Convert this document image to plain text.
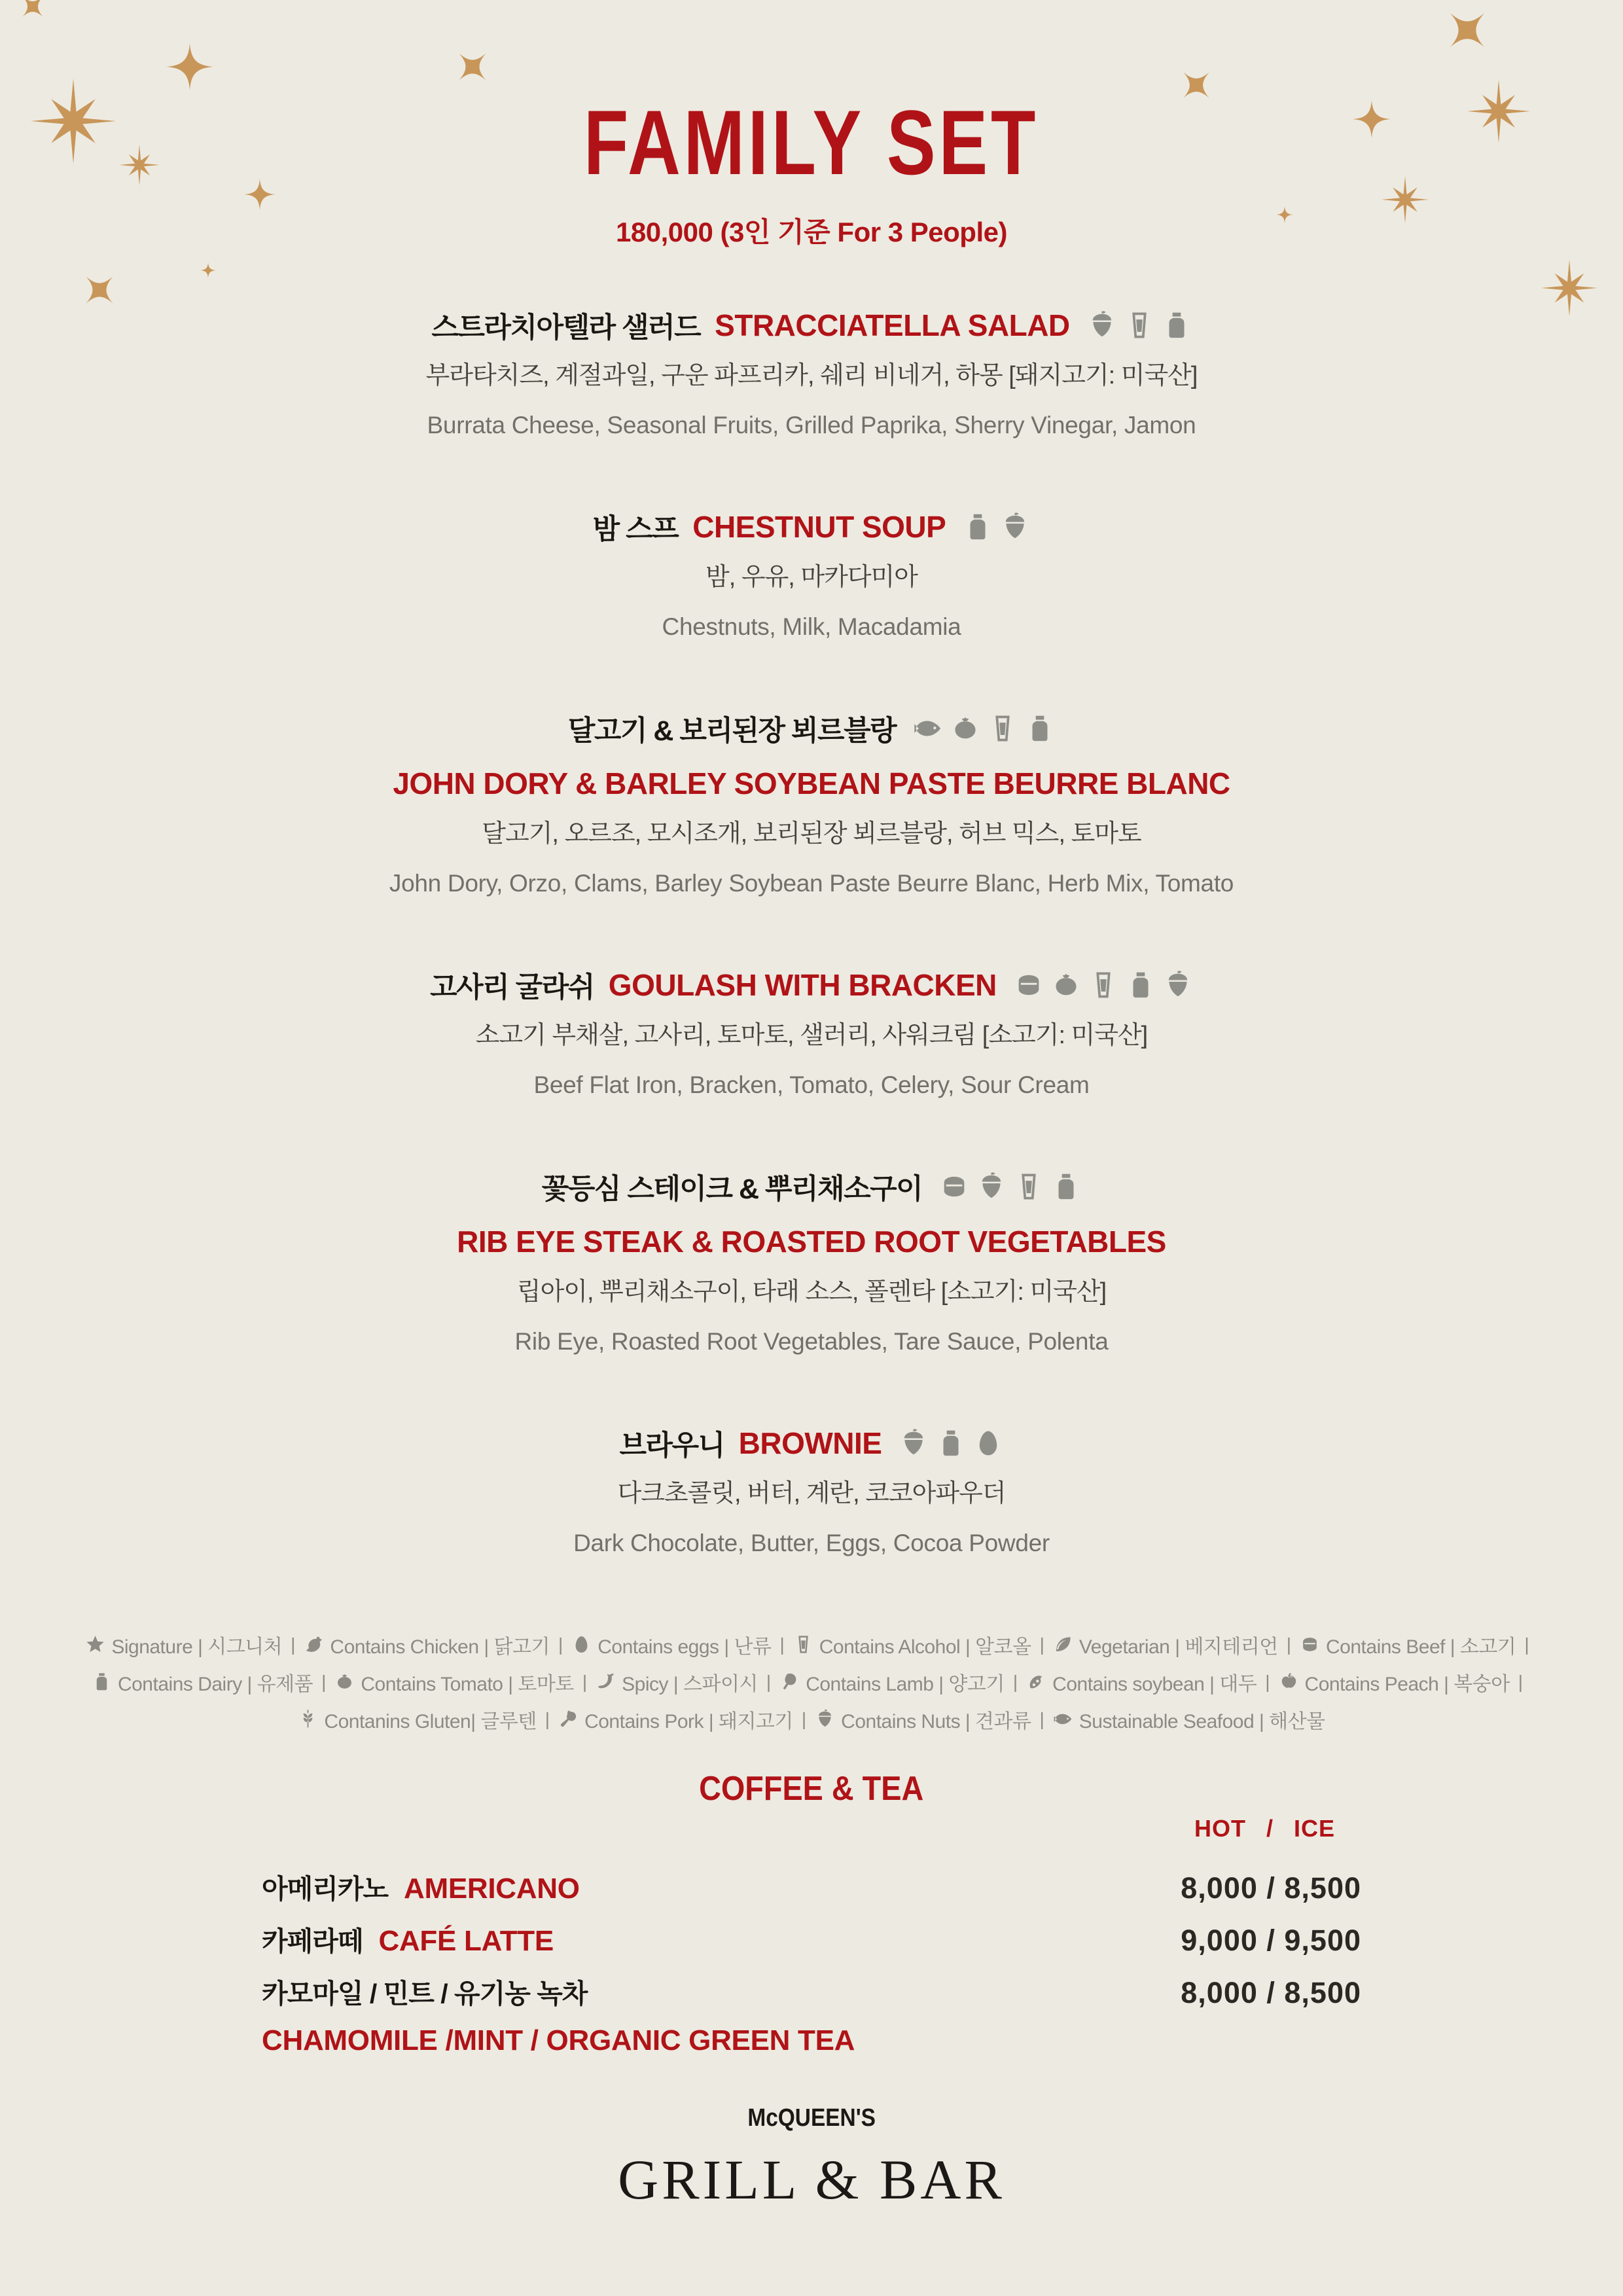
FAMILY SET
180,000 (3인 기준 For 3 People)
스트라치아텔라 샐러드 STRACCIATELLA SALAD
부라타치즈, 계절과일, 구운 파프리카, 쉐리 비네거, 하몽 [돼지고기: 미국산]
Burrata Cheese, Seasonal Fruits, Grilled Paprika, Sherry Vinegar, Jamon
밤 스프 CHESTNUT SOUP
밤, 우유, 마카다미아
Chestnuts, Milk, Macadamia
달고기 & 보리된장 뵈르블랑
JOHN DORY & BARLEY SOYBEAN PASTE BEURRE BLANC
달고기, 오르조, 모시조개, 보리된장 뵈르블랑, 허브 믹스, 토마토
John Dory, Orzo, Clams, Barley Soybean Paste Beurre Blanc, Herb Mix, Tomato
고사리 굴라쉬 GOULASH WITH BRACKEN
소고기 부채살, 고사리, 토마토, 샐러리, 사워크림 [소고기: 미국산]
Beef Flat Iron, Bracken, Tomato, Celery, Sour Cream
꽃등심 스테이크 & 뿌리채소구이
RIB EYE STEAK & ROASTED ROOT VEGETABLES
립아이, 뿌리채소구이, 타래 소스, 폴렌타 [소고기: 미국산]
Rib Eye, Roasted Root Vegetables, Tare Sauce, Polenta
브라우니 BROWNIE
다크초콜릿, 버터, 계란, 코코아파우더
Dark Chocolate, Butter, Eggs, Cocoa Powder
Signature | 시그니처 | Contains Chicken | 닭고기 | Contains eggs | 난류 | Contains Alcohol | 알코올 | Vegetarian | 베지테리언 | Contains Beef | 소고기 |
Contains Dairy | 유제품 | Contains Tomato | 토마토 | Spicy | 스파이시 | Contains Lamb | 양고기 | Contains soybean | 대두 | Contains Peach | 복숭아 |
Contanins Gluten| 글루텐 | Contains Pork | 돼지고기 | Contains Nuts | 견과류 | Sustainable Seafood | 해산물
COFFEE & TEA
HOT / ICE
아메리카노 AMERICANO	8,000 / 8,500
카페라떼 CAFÉ LATTE	9,000 / 9,500
카모마일 / 민트 / 유기농 녹차	8,000 / 8,500
CHAMOMILE /MINT / ORGANIC GREEN TEA
McQUEEN'S
GRILL & BAR
